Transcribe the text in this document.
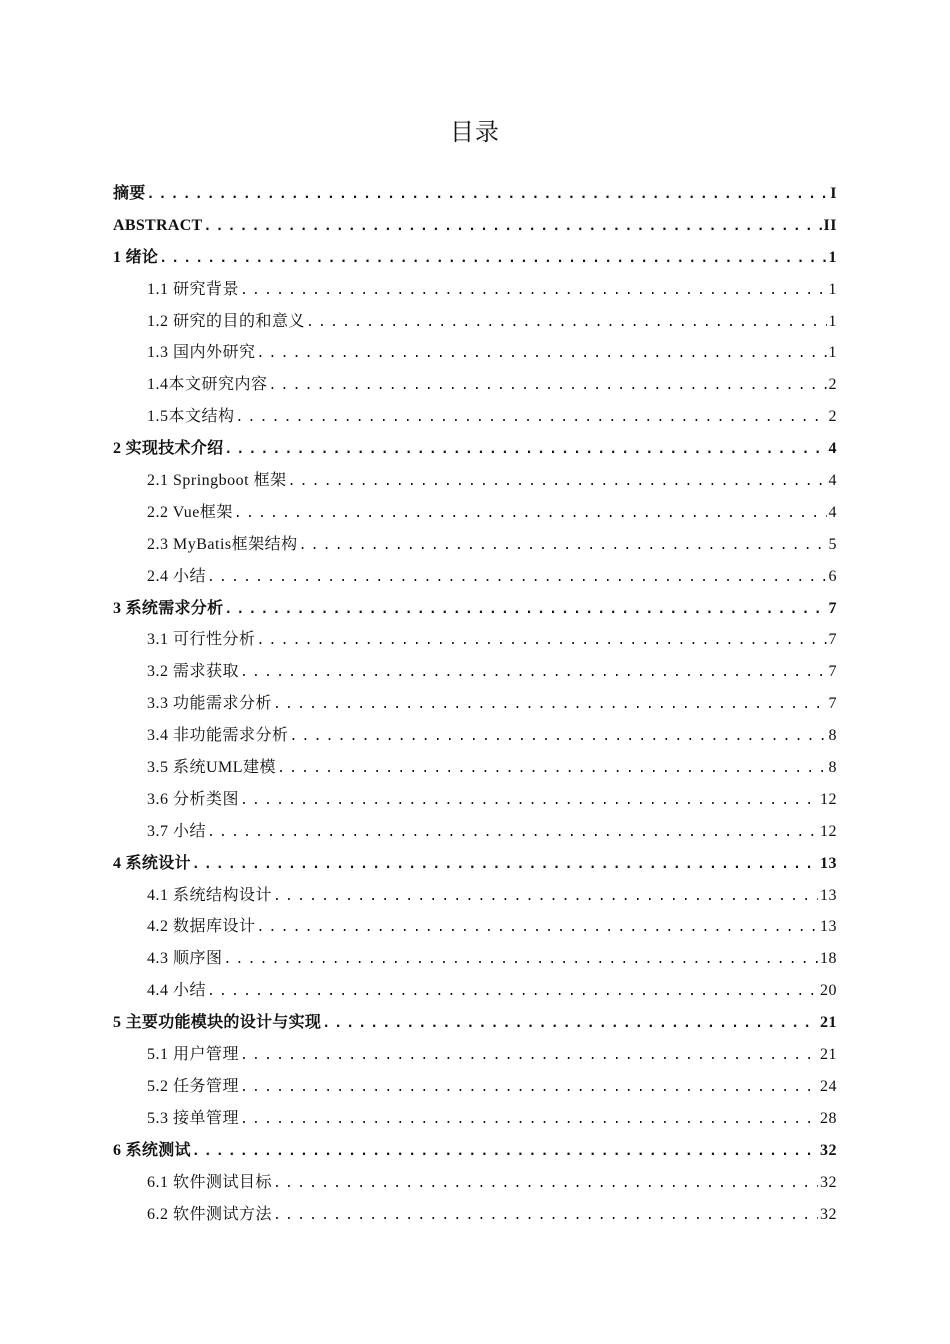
目录
摘要 .....	I
ABSTRACT .....	II
1 绪论 .....	1
1.1 研究背景 .....	1
1.2 研究的目的和意义 .....	1
1.3 国内外研究 .....	1
1.4本文研究内容 .....	2
1.5本文结构 .....	2
2 实现技术介绍 .....	4
2.1 Springboot 框架 .....	4
2.2 Vue框架 .....	4
2.3 MyBatis框架结构 .....	5
2.4 小结 .....	6
3 系统需求分析 .....	7
3.1 可行性分析 .....	7
3.2 需求获取 .....	7
3.3 功能需求分析 .....	7
3.4 非功能需求分析 .....	8
3.5 系统UML建模 .....	8
3.6 分析类图 .....	12
3.7 小结 .....	12
4 系统设计 .....	13
4.1 系统结构设计 .....	13
4.2 数据库设计 .....	13
4.3 顺序图 .....	18
4.4 小结 .....	20
5 主要功能模块的设计与实现 .....	21
5.1 用户管理 .....	21
5.2 任务管理 .....	24
5.3 接单管理 .....	28
6 系统测试 .....	32
6.1 软件测试目标 .....	32
6.2 软件测试方法 .....	32
